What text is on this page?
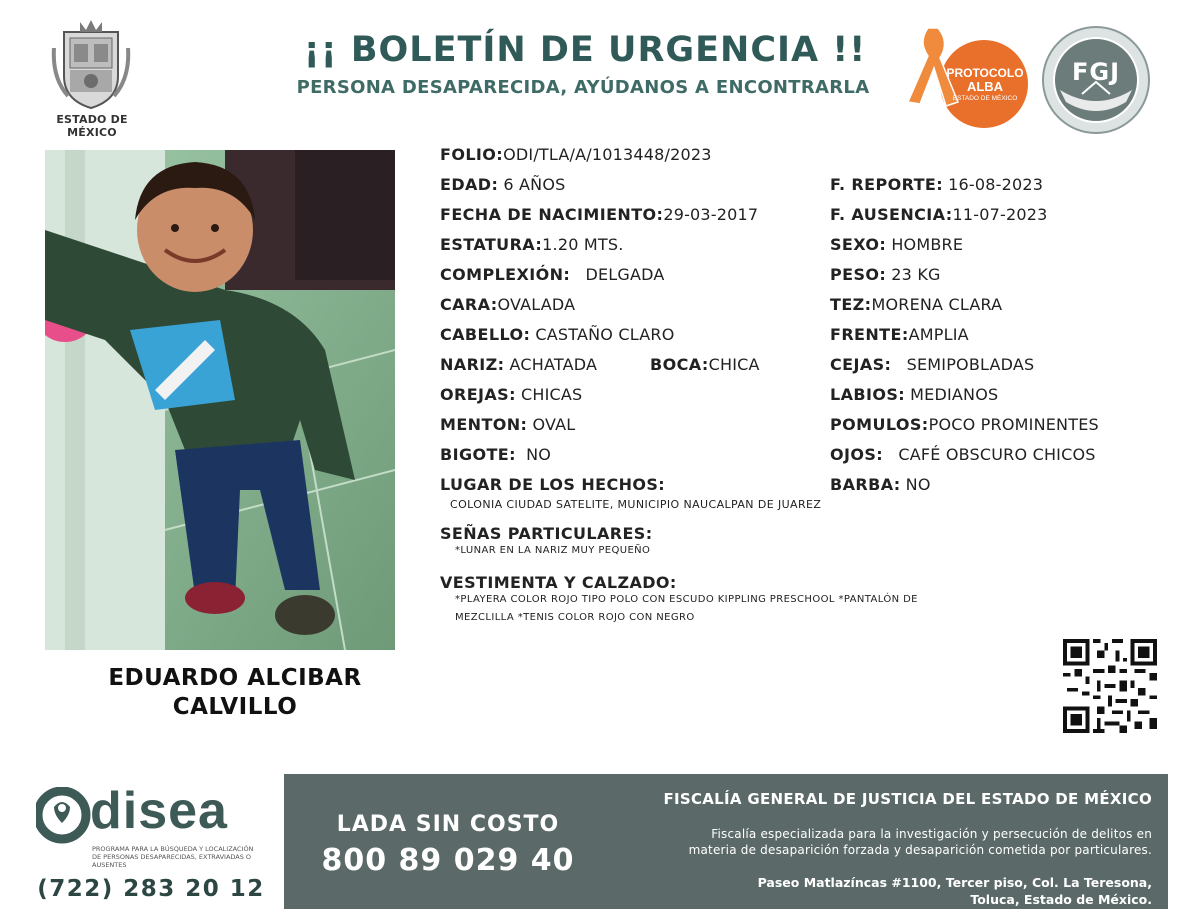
ESTADO DE MÉXICO
¡¡ BOLETÍN DE URGENCIA !!
PERSONA DESAPARECIDA, AYÚDANOS A ENCONTRARLA
PROTOCOLO
ALBA
ESTADO DE MÉXICO
FGJ
EDUARDO ALCIBAR
CALVILLO
FOLIO:ODI/TLA/A/1013448/2023
EDAD: 6 AÑOS	F. REPORTE: 16-08-2023
FECHA DE NACIMIENTO:29-03-2017	F. AUSENCIA:11-07-2023
ESTATURA:1.20 MTS.	SEXO: HOMBRE
COMPLEXIÓN: DELGADA	PESO: 23 KG
CARA:OVALADA	TEZ:MORENA CLARA
CABELLO: CASTAÑO CLARO	FRENTE:AMPLIA
NARIZ: ACHATADA	BOCA:CHICA	CEJAS: SEMIPOBLADAS
OREJAS: CHICAS	LABIOS: MEDIANOS
MENTON: OVAL	POMULOS:POCO PROMINENTES
BIGOTE: NO	OJOS: CAFÉ OBSCURO CHICOS
LUGAR DE LOS HECHOS:	BARBA: NO
COLONIA CIUDAD SATELITE, MUNICIPIO NAUCALPAN DE JUAREZ
SEÑAS PARTICULARES:
*LUNAR EN LA NARIZ MUY PEQUEÑO
VESTIMENTA Y CALZADO:
*PLAYERA COLOR ROJO TIPO POLO CON ESCUDO KIPPLING PRESCHOOL *PANTALÓN DE
MEZCLILLA *TENIS COLOR ROJO CON NEGRO
disea
PROGRAMA PARA LA BÚSQUEDA Y LOCALIZACIÓN
DE PERSONAS DESAPARECIDAS, EXTRAVIADAS O
AUSENTES
(722) 283 20 12
LADA SIN COSTO
800 89 029 40
FISCALÍA GENERAL DE JUSTICIA DEL ESTADO DE MÉXICO
Fiscalía especializada para la investigación y persecución de delitos en
materia de desaparición forzada y desaparición cometida por particulares.
Paseo Matlazíncas #1100, Tercer piso, Col. La Teresona,
Toluca, Estado de México.
